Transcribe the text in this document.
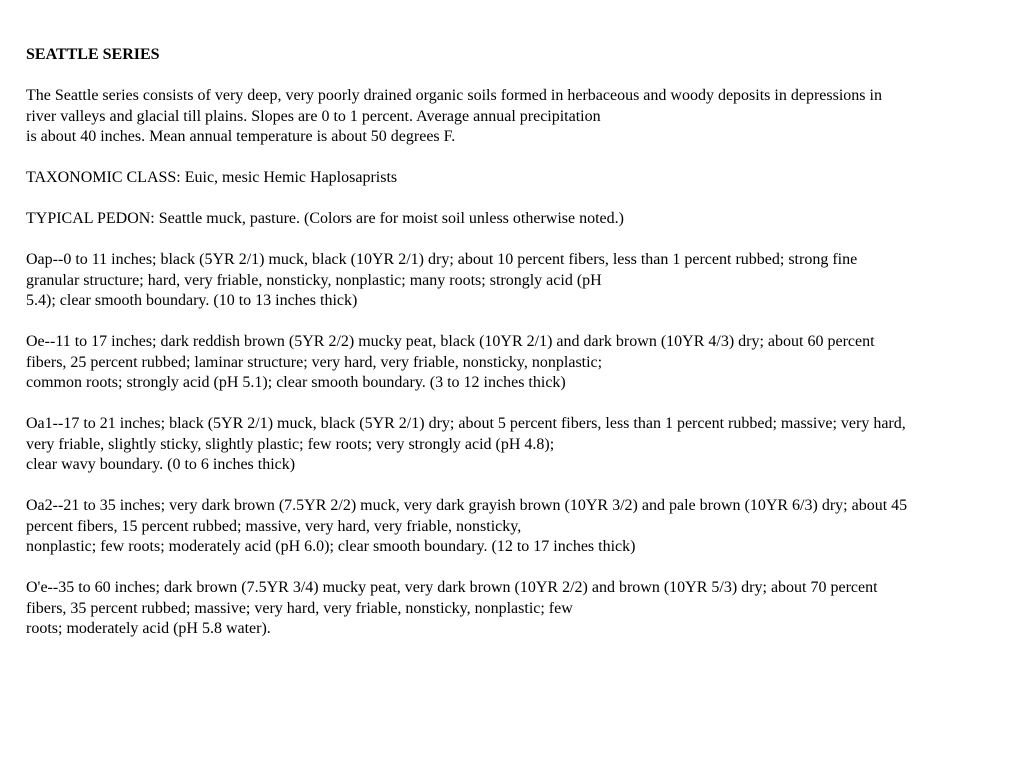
SEATTLE SERIES
The Seattle series consists of very deep, very poorly drained organic soils formed in herbaceous and woody deposits in depressions in
river valleys and glacial till plains. Slopes are 0 to 1 percent. Average annual precipitation
is about 40 inches. Mean annual temperature is about 50 degrees F.
TAXONOMIC CLASS: Euic, mesic Hemic Haplosaprists
TYPICAL PEDON: Seattle muck, pasture. (Colors are for moist soil unless otherwise noted.)
Oap--0 to 11 inches; black (5YR 2/1) muck, black (10YR 2/1) dry; about 10 percent fibers, less than 1 percent rubbed; strong fine
granular structure; hard, very friable, nonsticky, nonplastic; many roots; strongly acid (pH
5.4); clear smooth boundary. (10 to 13 inches thick)
Oe--11 to 17 inches; dark reddish brown (5YR 2/2) mucky peat, black (10YR 2/1) and dark brown (10YR 4/3) dry; about 60 percent
fibers, 25 percent rubbed; laminar structure; very hard, very friable, nonsticky, nonplastic;
common roots; strongly acid (pH 5.1); clear smooth boundary. (3 to 12 inches thick)
Oa1--17 to 21 inches; black (5YR 2/1) muck, black (5YR 2/1) dry; about 5 percent fibers, less than 1 percent rubbed; massive; very hard,
very friable, slightly sticky, slightly plastic; few roots; very strongly acid (pH 4.8);
clear wavy boundary. (0 to 6 inches thick)
Oa2--21 to 35 inches; very dark brown (7.5YR 2/2) muck, very dark grayish brown (10YR 3/2) and pale brown (10YR 6/3) dry; about 45
percent fibers, 15 percent rubbed; massive, very hard, very friable, nonsticky,
nonplastic; few roots; moderately acid (pH 6.0); clear smooth boundary. (12 to 17 inches thick)
O'e--35 to 60 inches; dark brown (7.5YR 3/4) mucky peat, very dark brown (10YR 2/2) and brown (10YR 5/3) dry; about 70 percent
fibers, 35 percent rubbed; massive; very hard, very friable, nonsticky, nonplastic; few
roots; moderately acid (pH 5.8 water).
